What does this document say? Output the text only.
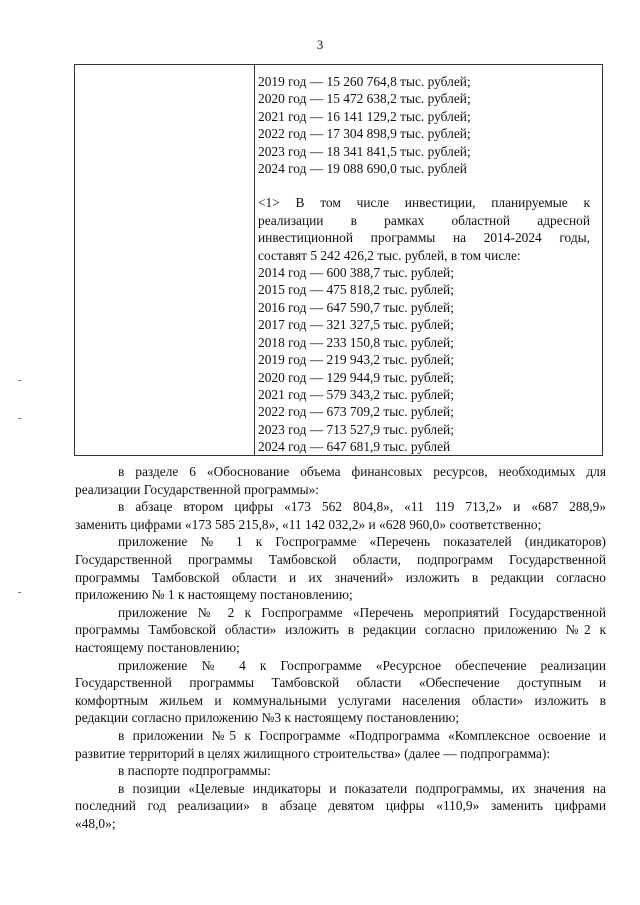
3
2019 год — 15 260 764,8 тыс. рублей;
2020 год — 15 472 638,2 тыс. рублей;
2021 год — 16 141 129,2 тыс. рублей;
2022 год — 17 304 898,9 тыс. рублей;
2023 год — 18 341 841,5 тыс. рублей;
2024 год — 19 088 690,0 тыс. рублей
<1> В том числе инвестиции, планируемые к
реализации в рамках областной адресной
инвестиционной программы на 2014-2024 годы,
составят 5 242 426,2 тыс. рублей, в том числе:
2014 год — 600 388,7 тыс. рублей;
2015 год — 475 818,2 тыс. рублей;
2016 год — 647 590,7 тыс. рублей;
2017 год — 321 327,5 тыс. рублей;
2018 год — 233 150,8 тыс. рублей;
2019 год — 219 943,2 тыс. рублей;
2020 год — 129 944,9 тыс. рублей;
2021 год — 579 343,2 тыс. рублей;
2022 год — 673 709,2 тыс. рублей;
2023 год — 713 527,9 тыс. рублей;
2024 год — 647 681,9 тыс. рублей

в разделе 6 «Обоснование объема финансовых ресурсов, необходимых для
реализации Государственной программы»:

в абзаце втором цифры «173 562 804,8», «11 119 713,2» и «687 288,9»
заменить цифрами «173 585 215,8», «11 142 032,2» и «628 960,0» соответственно;

приложение № 1 к Госпрограмме «Перечень показателей (индикаторов)
Государственной программы Тамбовской области, подпрограмм Государственной
программы Тамбовской области и их значений» изложить в редакции согласно
приложению № 1 к настоящему постановлению;

приложение № 2 к Госпрограмме «Перечень мероприятий Государственной
программы Тамбовской области» изложить в редакции согласно приложению №2 к
настоящему постановлению;

приложение № 4 к Госпрограмме «Ресурсное обеспечение реализации
Государственной программы Тамбовской области «Обеспечение доступным и
комфортным жильем и коммунальными услугами населения области» изложить в
редакции согласно приложению №3 к настоящему постановлению;

в приложении №5 к Госпрограмме «Подпрограмма «Комплексное освоение и
развитие территорий в целях жилищного строительства» (далее — подпрограмма):

в паспорте подпрограммы:

в позиции «Целевые индикаторы и показатели подпрограммы, их значения на
последний год реализации» в абзаце девятом цифры «110,9» заменить цифрами
«48,0»;
